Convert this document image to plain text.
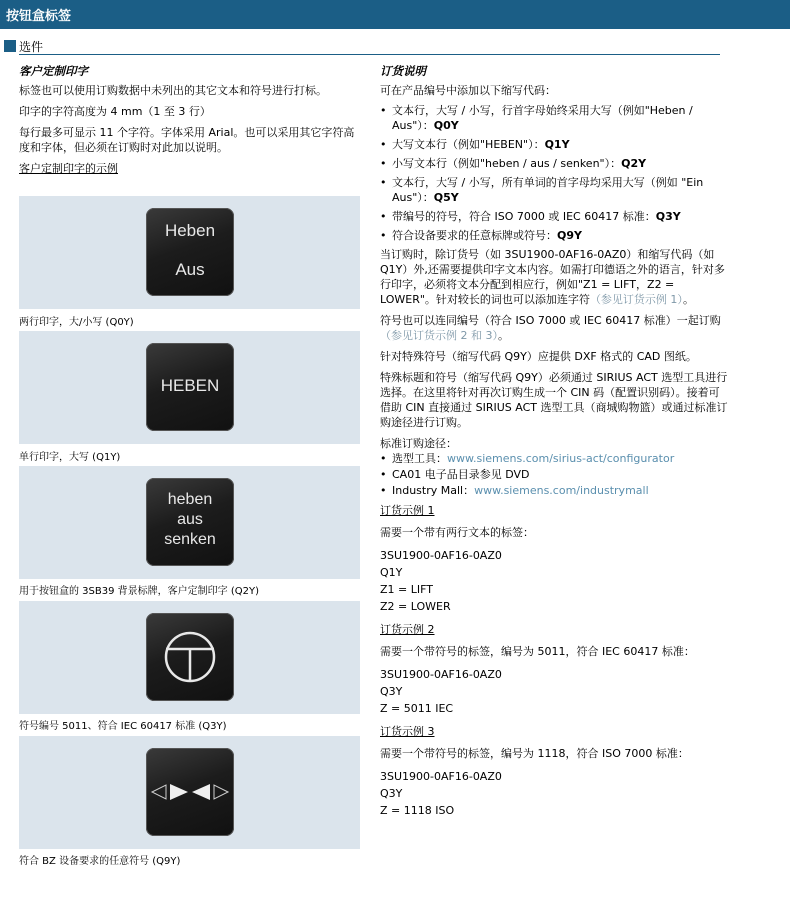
按钮盒标签
选件
客户定制印字

标签也可以使用订购数据中未列出的其它文本和符号进行打标。

印字的字符高度为 4 mm（1 至 3 行）

每行最多可显示 11 个字符。字体采用 Arial。也可以采用其它字符高度和字体，但必须在订购时对此加以说明。

客户定制印字的示例

Heben
Aus
两行印字，大/小写 (Q0Y)
HEBEN
单行印字，大写 (Q1Y)
heben
aus
senken
用于按钮盒的 3SB39 背景标牌，客户定制印字 (Q2Y)
符号编号 5011、符合 IEC 60417 标准 (Q3Y)
符合 BZ 设备要求的任意符号 (Q9Y)
订货说明

可在产品编号中添加以下缩写代码：

• 文本行，大写 / 小写，行首字母始终采用大写（例如"Heben / Aus"）：Q0Y
• 大写文本行（例如"HEBEN"）：Q1Y
• 小写文本行（例如"heben / aus / senken"）：Q2Y
• 文本行，大写 / 小写，所有单词的首字母均采用大写（例如 "Ein Aus"）：Q5Y
• 带编号的符号，符合 ISO 7000 或 IEC 60417 标准：Q3Y
• 符合设备要求的任意标牌或符号：Q9Y

当订购时，除订货号（如 3SU1900-0AF16-0AZ0）和缩写代码（如Q1Y）外,还需要提供印字文本内容。如需打印德语之外的语言，针对多行印字，必须将文本分配到相应行，例如"Z1 = LIFT，Z2 = LOWER"。针对较长的词也可以添加连字符（参见订货示例 1）。

符号也可以连同编号（符合 ISO 7000 或 IEC 60417 标准）一起订购（参见订货示例 2 和 3）。

针对特殊符号（缩写代码 Q9Y）应提供 DXF 格式的 CAD 图纸。

特殊标题和符号（缩写代码 Q9Y）必须通过 SIRIUS ACT 选型工具进行选择。在这里将针对再次订购生成一个 CIN 码（配置识别码）。接着可借助 CIN 直接通过 SIRIUS ACT 选型工具（商城购物篮）或通过标准订购途径进行订购。

标准订购途径：

• 选型工具：www.siemens.com/sirius-act/configurator
• CA01 电子品目录参见 DVD
• Industry Mall：www.siemens.com/industrymall

订货示例 1

需要一个带有两行文本的标签：

3SU1900-0AF16-0AZ0

Q1Y

Z1 = LIFT

Z2 = LOWER

订货示例 2

需要一个带符号的标签，编号为 5011，符合 IEC 60417 标准：

3SU1900-0AF16-0AZ0

Q3Y

Z = 5011 IEC

订货示例 3

需要一个带符号的标签，编号为 1118，符合 ISO 7000 标准：

3SU1900-0AF16-0AZ0

Q3Y

Z = 1118 ISO
